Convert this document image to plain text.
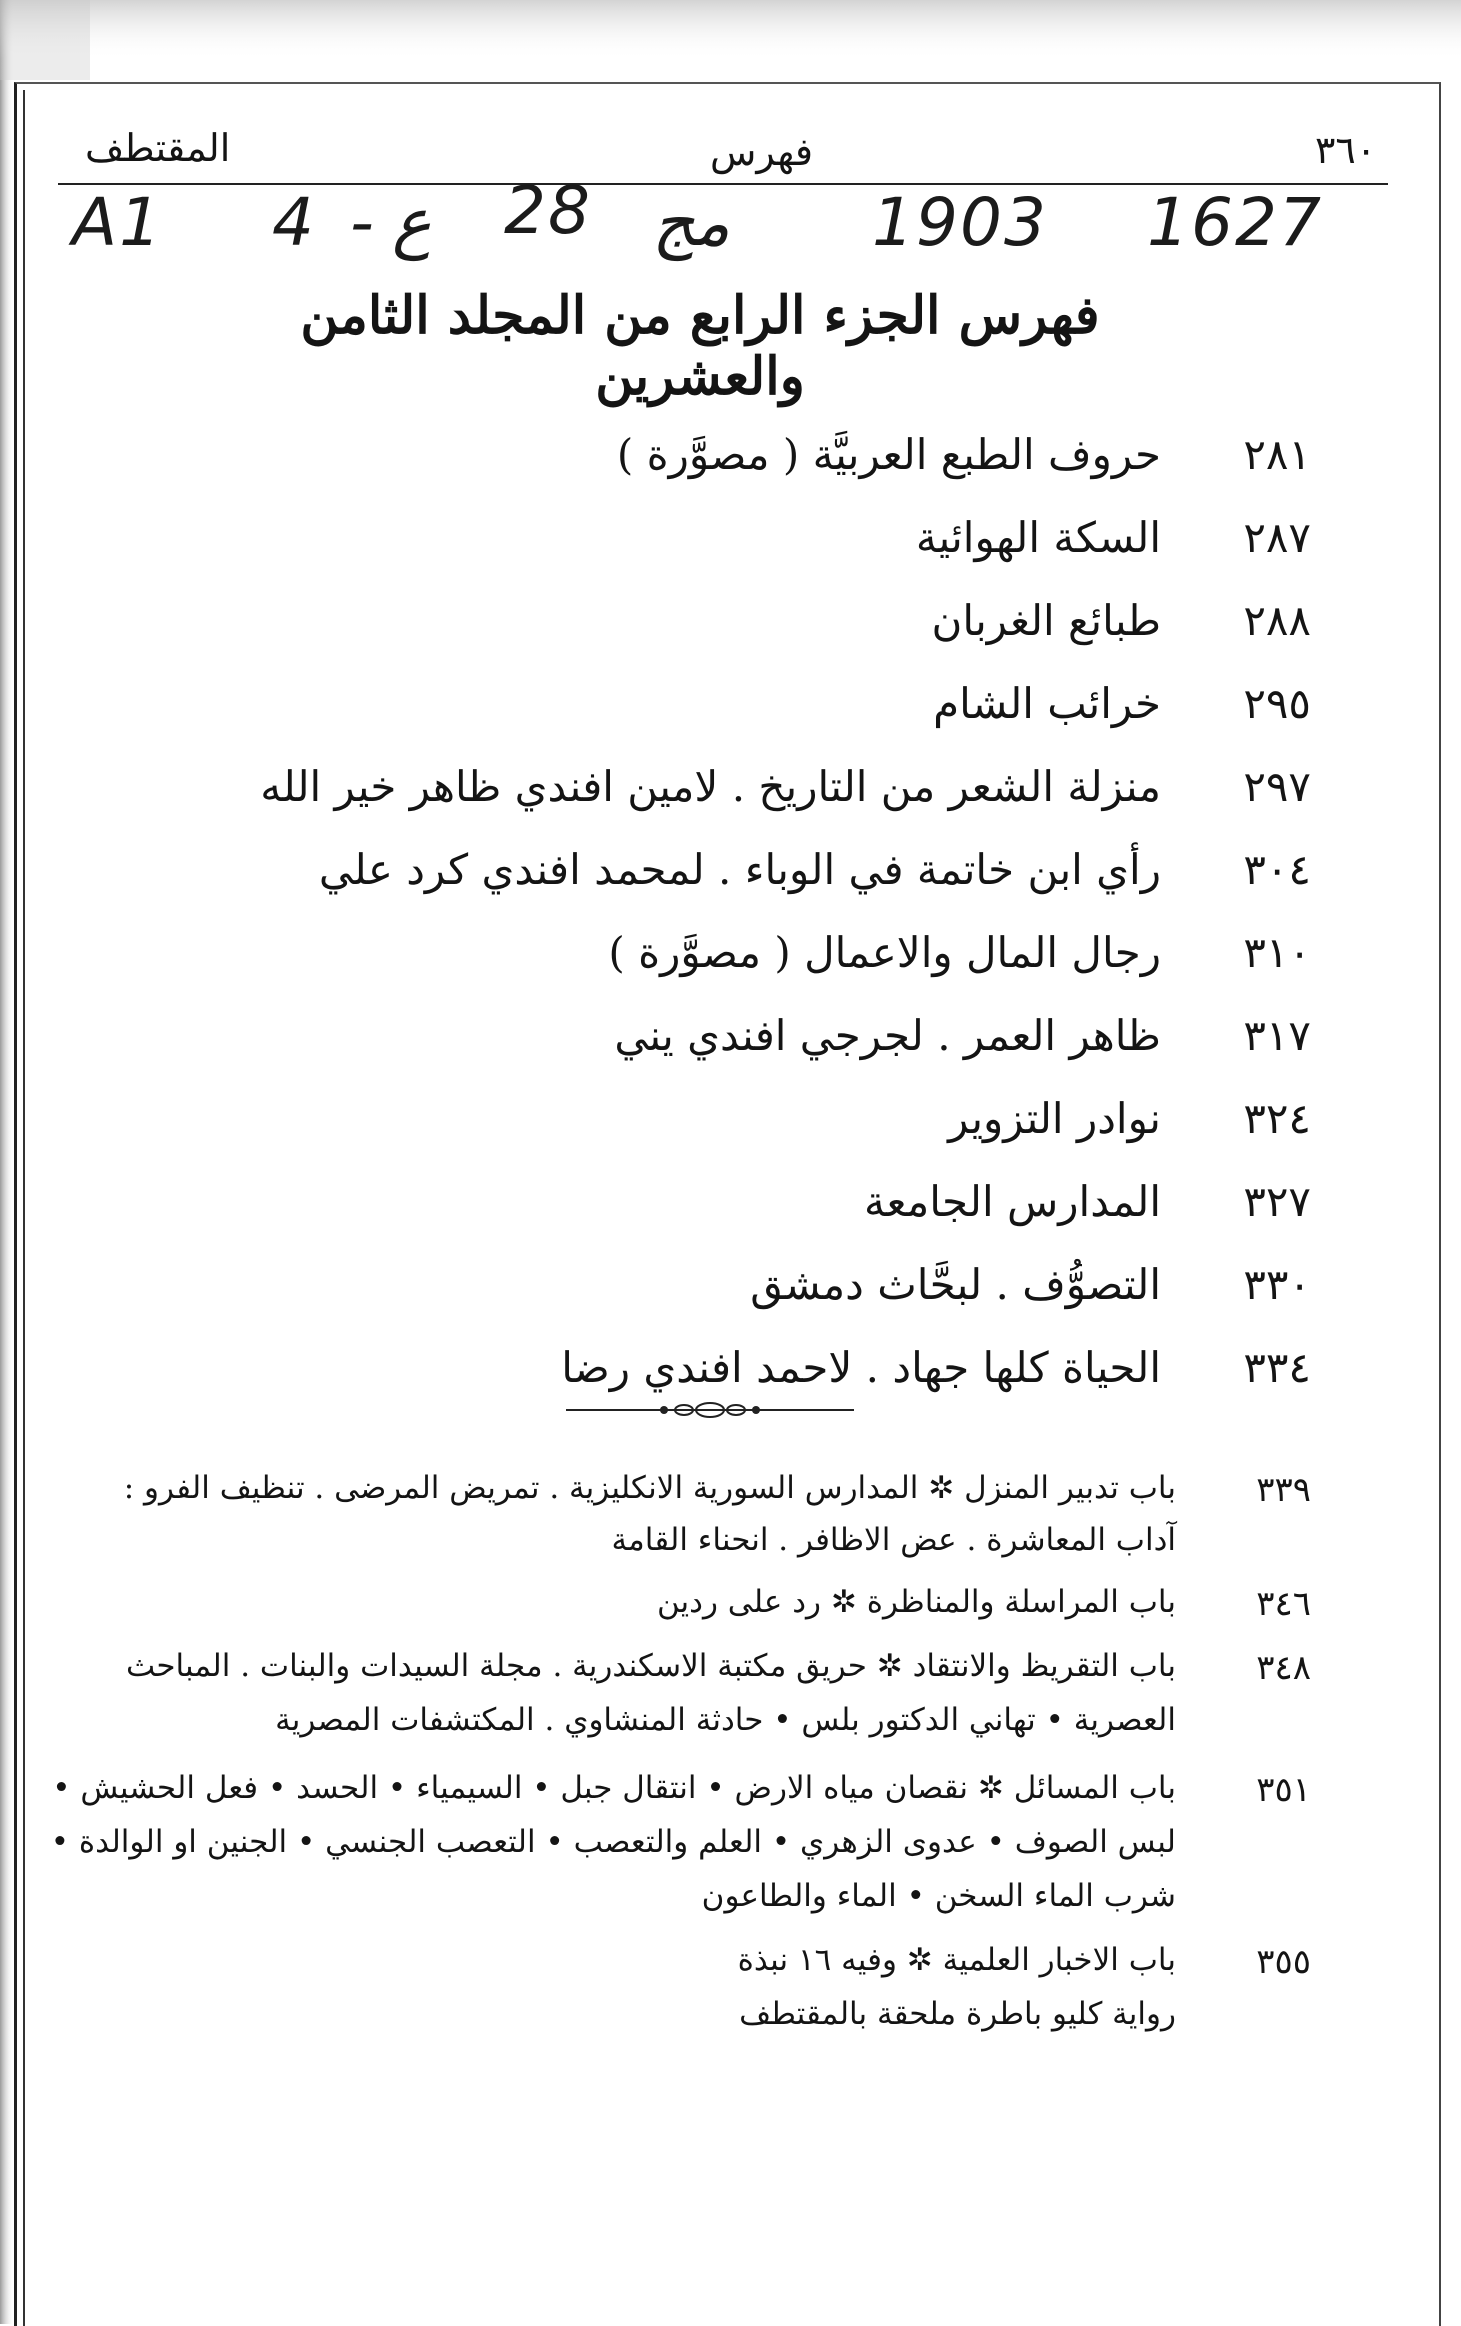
٣٦٠
فهرس
المقتطف
A1 4 - ع 28 مج 1903 1627
فهرس الجزء الرابع من المجلد الثامن والعشرين
٢٨١
حروف الطبع العربيَّة ( مصوَّرة )
٢٨٧
السكة الهوائية
٢٨٨
طبائع الغربان
٢٩٥
خرائب الشام
٢٩٧
منزلة الشعر من التاريخ . لامين افندي ظاهر خير الله
٣٠٤
رأي ابن خاتمة في الوباء . لمحمد افندي كرد علي
٣١٠
رجال المال والاعمال ( مصوَّرة )
٣١٧
ظاهر العمر . لجرجي افندي يني
٣٢٤
نوادر التزوير
٣٢٧
المدارس الجامعة
٣٣٠
التصوُّف . لبحَّاث دمشق
٣٣٤
الحياة كلها جهاد . لاحمد افندي رضا
٣٣٩
باب تدبير المنزل ✲ المدارس السورية الانكليزية . تمريض المرضى . تنظيف الفرو :
آداب المعاشرة . عض الاظافر . انحناء القامة
٣٤٦
باب المراسلة والمناظرة ✲ رد على ردين
٣٤٨
باب التقريظ والانتقاد ✲ حريق مكتبة الاسكندرية . مجلة السيدات والبنات . المباحث
العصرية • تهاني الدكتور بلس • حادثة المنشاوي . المكتشفات المصرية
٣٥١
باب المسائل ✲ نقصان مياه الارض • انتقال جبل • السيمياء • الحسد • فعل الحشيش •
لبس الصوف • عدوى الزهري • العلم والتعصب • التعصب الجنسي • الجنين او الوالدة •
شرب الماء السخن • الماء والطاعون
٣٥٥
باب الاخبار العلمية ✲ وفيه ١٦ نبذة
رواية كليو باطرة ملحقة بالمقتطف
